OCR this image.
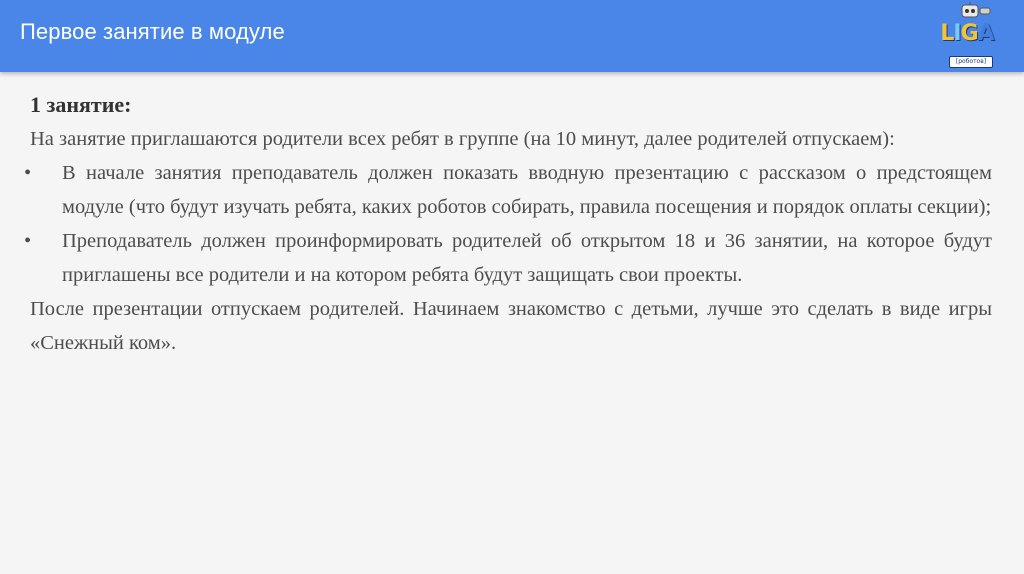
Первое занятие в модуле	L I G A
[роботов]
1 занятие:

На занятие приглашаются родители всех ребят в группе (на 10 минут, далее родителей отпускаем):

•	В начале занятия преподаватель должен показать вводную презентацию с рассказом о предстоящем модуле (что будут изучать ребята, каких роботов собирать, правила посещения и порядок оплаты секции);
•	Преподаватель должен проинформировать родителей об открытом 18 и 36 занятии, на которое будут приглашены все родители и на котором ребята будут защищать свои проекты.

После презентации отпускаем родителей. Начинаем знакомство с детьми, лучше это сделать в виде игры «Снежный ком».
